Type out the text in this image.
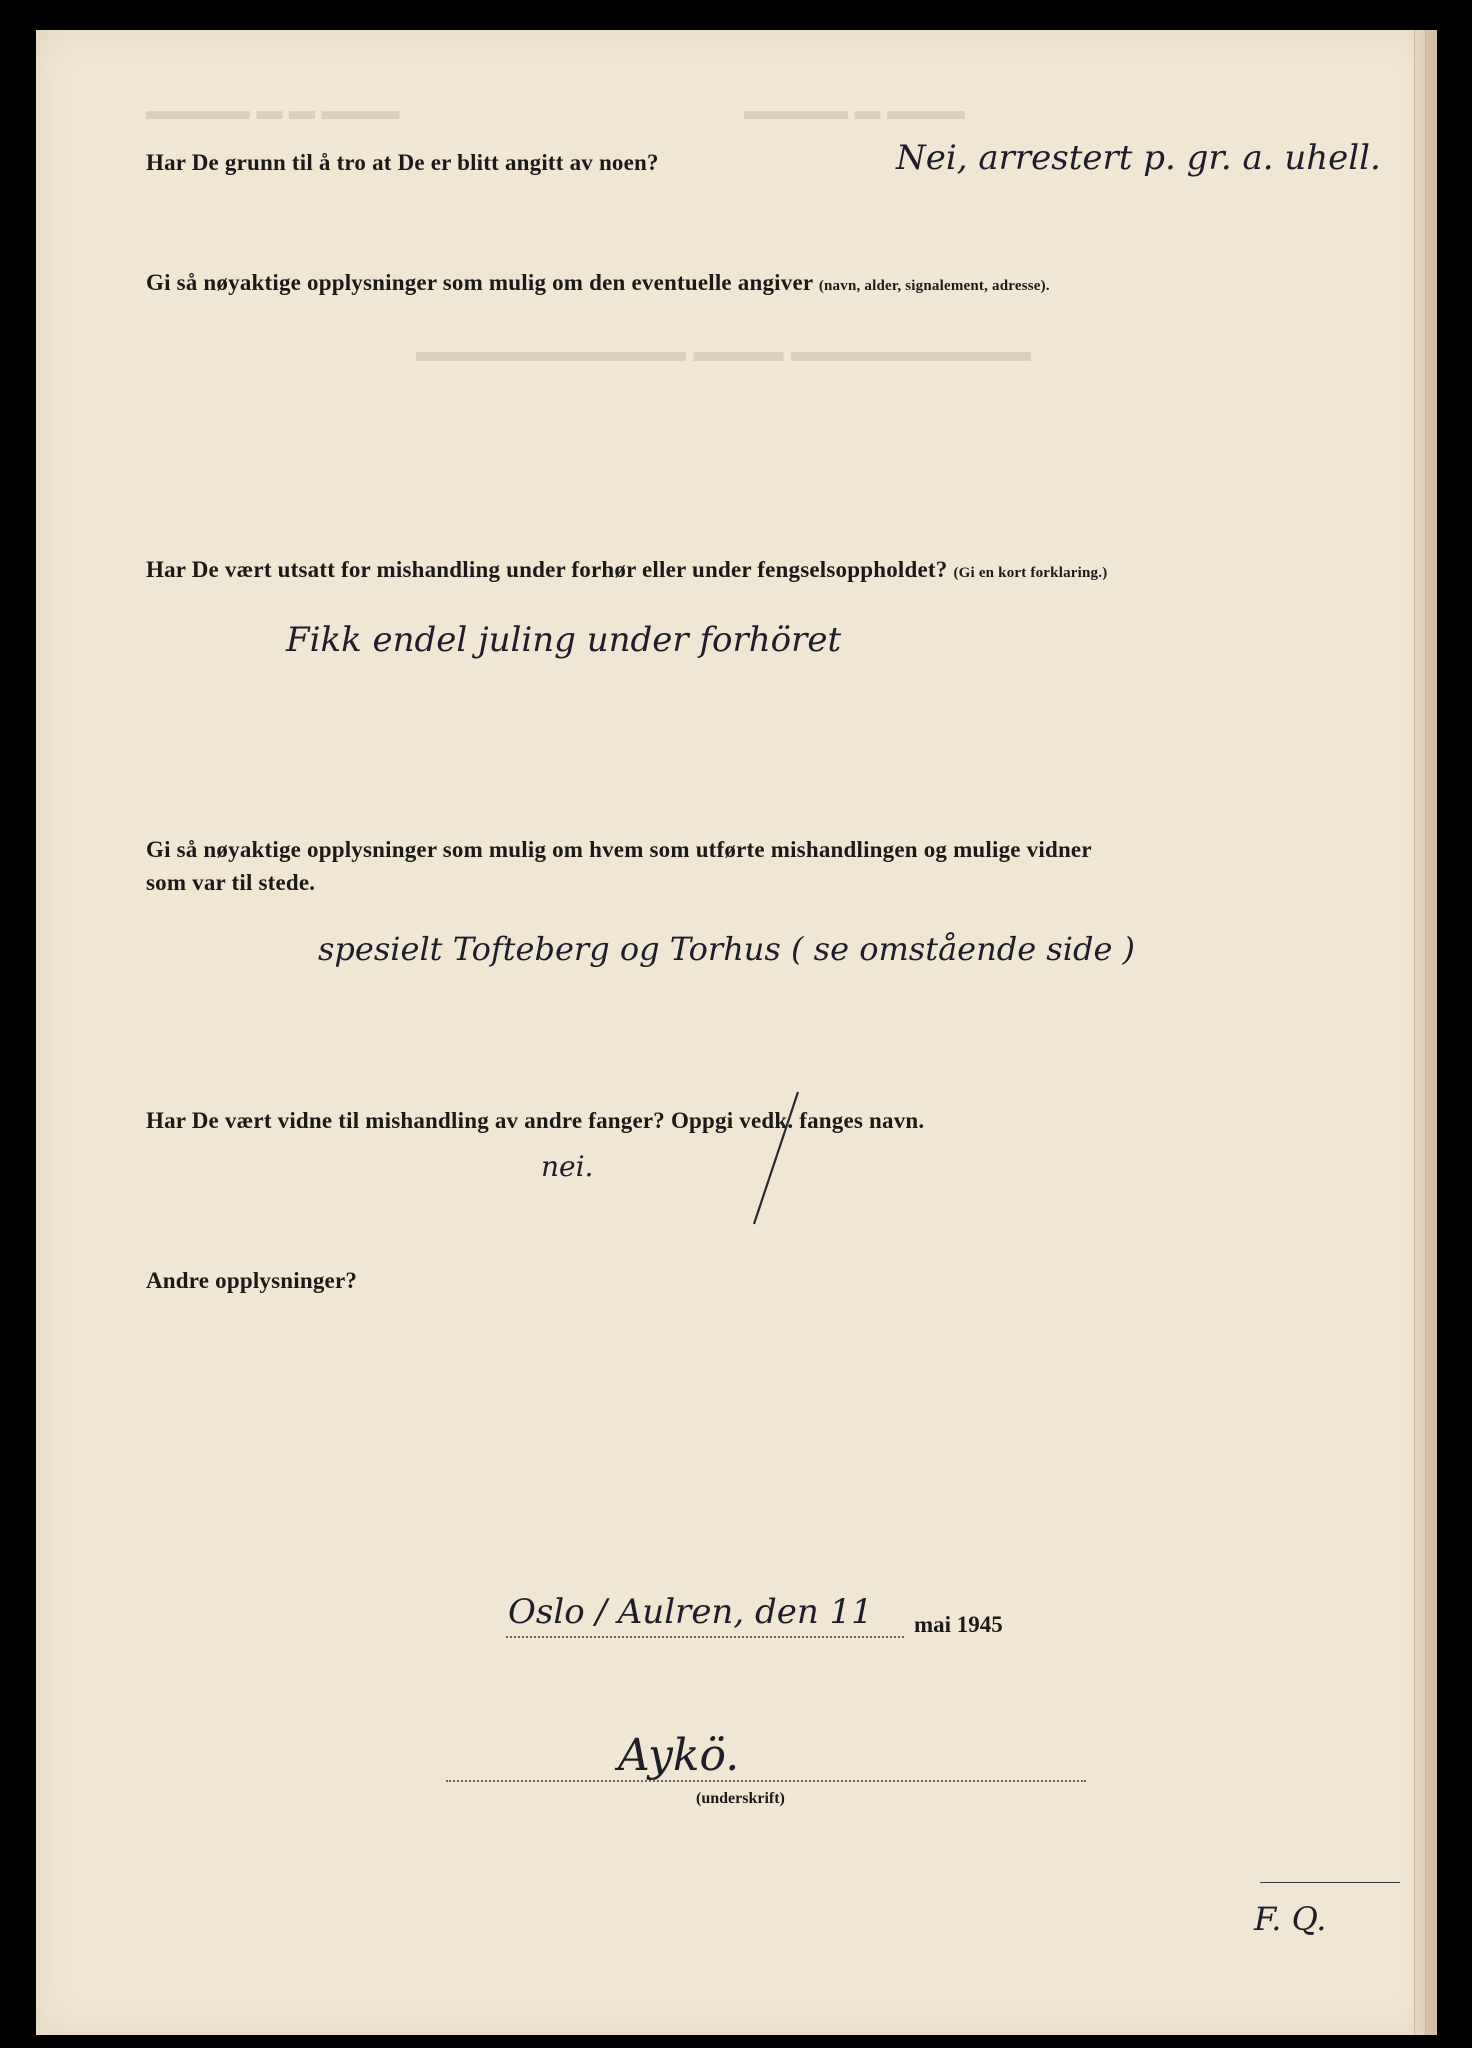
▬▬▬▬ ▬ ▬ ▬▬▬                                                     ▬▬▬▬ ▬ ▬▬▬
▬▬▬▬▬▬▬▬▬ ▬▬▬ ▬▬▬▬▬▬▬▬
Har De grunn til å tro at De er blitt angitt av noen?	Nei, arrestert p. gr. a. uhell.
Gi så nøyaktige opplysninger som mulig om den eventuelle angiver (navn, alder, signalement, adresse).
Har De vært utsatt for mishandling under forhør eller under fengselsoppholdet? (Gi en kort forklaring.)
Fikk endel juling under forhöret
Gi så nøyaktige opplysninger som mulig om hvem som utførte mishandlingen og mulige vidner
som var til stede.
spesielt Tofteberg og Torhus ( se omstående side )
Har De vært vidne til mishandling av andre fanger? Oppgi vedk. fanges navn.
nei.
Andre opplysninger?
Oslo / Aulren, den 11 mai 1945
Aykö.
(underskrift)
F. Q.
